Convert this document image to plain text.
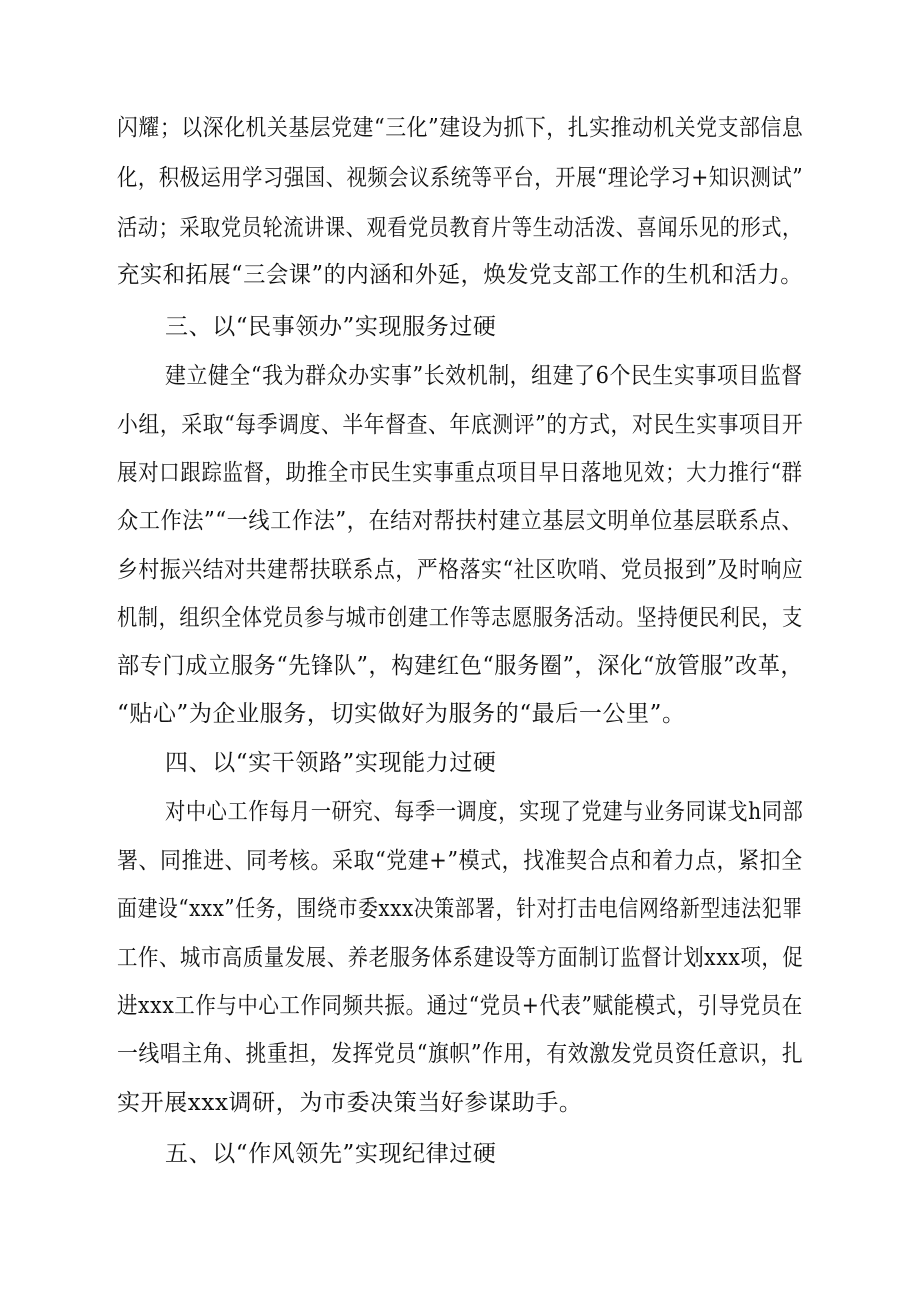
闪耀；以深化机关基层党建“三化”建设为抓下，扎实推动机关党支部信息
化，积极运用学习强国、视频会议系统等平台，开展“理论学习+知识测试”
活动；采取党员轮流讲课、观看党员教育片等生动活泼、喜闻乐见的形式，
充实和拓展“三会课”的内涵和外延，焕发党支部工作的生机和活力。
三、以“民事领办”实现服务过硬
建立健全“我为群众办实事”长效机制，组建了6个民生实事项目监督
小组，采取“每季调度、半年督查、年底测评”的方式，对民生实事项目开
展对口跟踪监督，助推全市民生实事重点项目早日落地见效；大力推行“群
众工作法”“一线工作法”，在结对帮扶村建立基层文明单位基层联系点、
乡村振兴结对共建帮扶联系点，严格落实“社区吹哨、党员报到”及时响应
机制，组织全体党员参与城市创建工作等志愿服务活动。坚持便民利民，支
部专门成立服务“先锋队”，构建红色“服务圈”，深化“放管服”改革，
“贴心”为企业服务，切实做好为服务的“最后一公里”。
四、以“实干领路”实现能力过硬
对中心工作每月一研究、每季一调度，实现了党建与业务同谋戈h同部
署、同推进、同考核。采取“党建+”模式，找准契合点和着力点，紧扣全
面建设“xxx”任务，围绕市委xxx决策部署，针对打击电信网络新型违法犯罪
工作、城市高质量发展、养老服务体系建设等方面制订监督计划xxx项，促
进xxx工作与中心工作同频共振。通过“党员+代表”赋能模式，引导党员在
一线唱主角、挑重担，发挥党员“旗帜”作用，有效激发党员资任意识，扎
实开展xxx调研，为市委决策当好参谋助手。
五、以“作风领先”实现纪律过硬
